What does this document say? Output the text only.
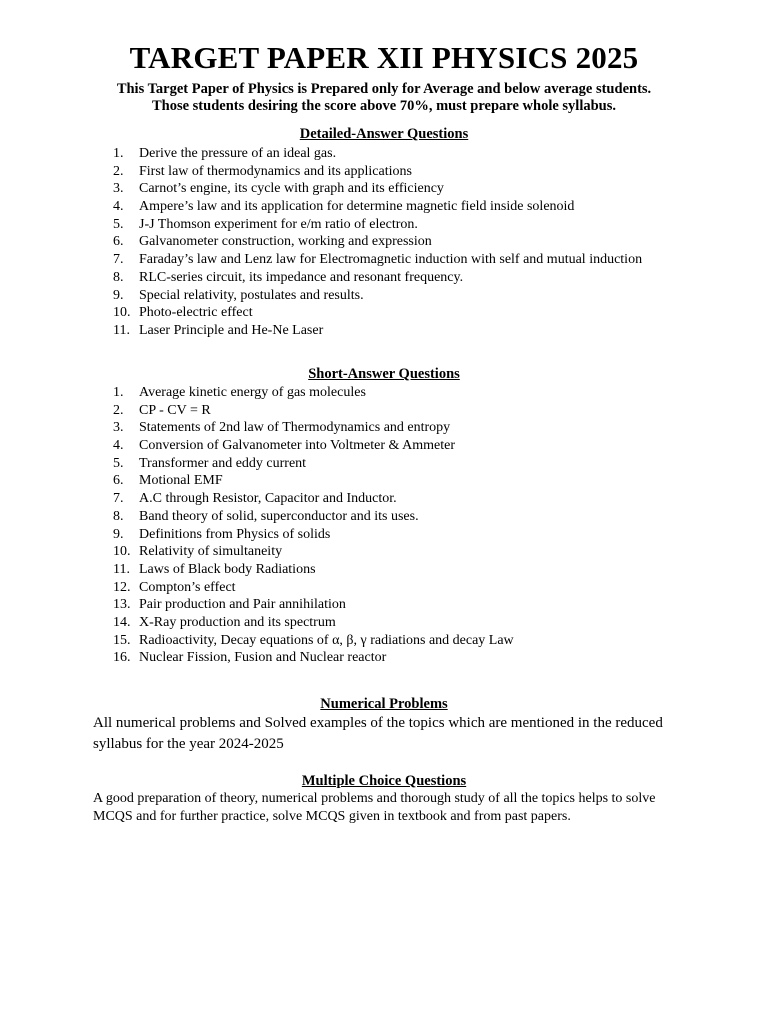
TARGET PAPER XII PHYSICS 2025
This Target Paper of Physics is Prepared only for Average and below average students.
Those students desiring the score above 70%, must prepare whole syllabus.
Detailed-Answer Questions
1.	Derive the pressure of an ideal gas.
2.	First law of thermodynamics and its applications
3.	Carnot’s engine, its cycle with graph and its efficiency
4.	Ampere’s law and its application for determine magnetic field inside solenoid
5.	J-J Thomson experiment for e/m ratio of electron.
6.	Galvanometer construction, working and expression
7.	Faraday’s law and Lenz law for Electromagnetic induction with self and mutual induction
8.	RLC-series circuit, its impedance and resonant frequency.
9.	Special relativity, postulates and results.
10. Photo-electric effect
11. Laser Principle and He-Ne Laser
Short-Answer Questions
1.	Average kinetic energy of gas molecules
2.	CP - CV = R
3.	Statements of 2nd law of Thermodynamics and entropy
4.	Conversion of Galvanometer into Voltmeter & Ammeter
5.	Transformer and eddy current
6.	Motional EMF
7.	A.C through Resistor, Capacitor and Inductor.
8.	Band theory of solid, superconductor and its uses.
9.	Definitions from Physics of solids
10. Relativity of simultaneity
11. Laws of Black body Radiations
12. Compton’s effect
13. Pair production and Pair annihilation
14. X-Ray production and its spectrum
15. Radioactivity, Decay equations of α, β, γ radiations and decay Law
16. Nuclear Fission, Fusion and Nuclear reactor
Numerical Problems

All numerical problems and Solved examples of the topics which are mentioned in the reduced syllabus for the year 2024-2025

Multiple Choice Questions

A good preparation of theory, numerical problems and thorough study of all the topics helps to solve MCQS and for further practice, solve MCQS given in textbook and from past papers.
